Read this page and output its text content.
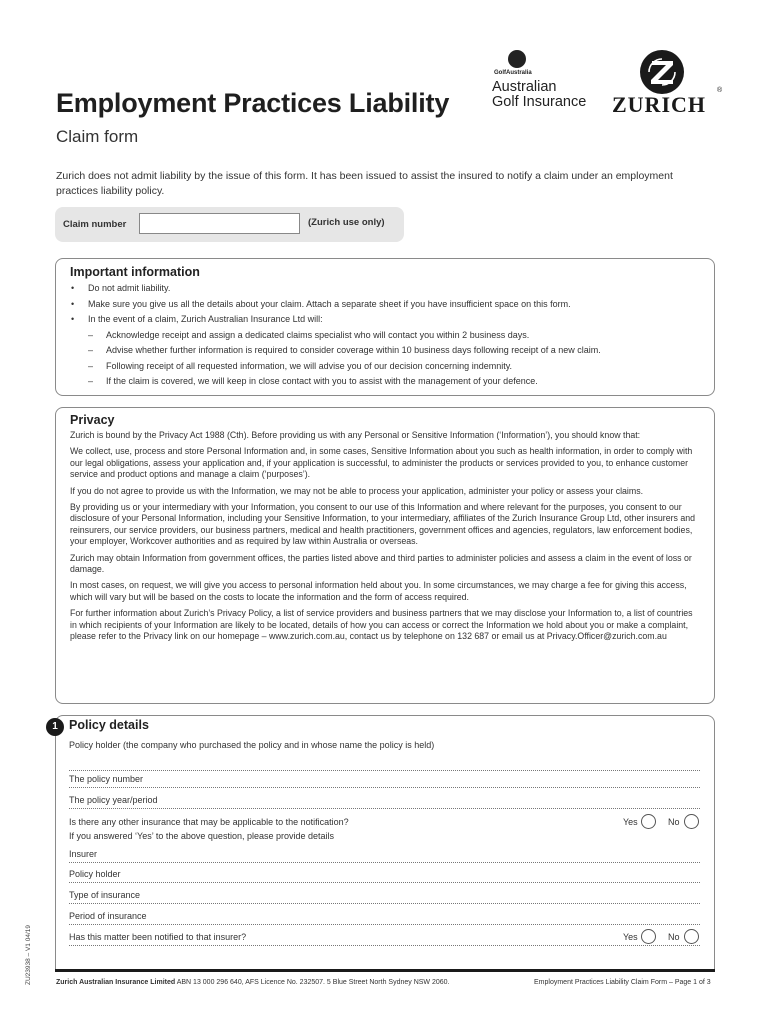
Employment Practices Liability
Claim form
GolfAustralia
Australian
Golf Insurance ZURICH
®
Zurich does not admit liability by the issue of this form. It has been issued to assist the insured to notify a claim under an employment practices liability policy.
Claim number	(Zurich use only)
Important information
• Do not admit liability.
• Make sure you give us all the details about your claim. Attach a separate sheet if you have insufficient space on this form.
• In the event of a claim, Zurich Australian Insurance Ltd will:
– Acknowledge receipt and assign a dedicated claims specialist who will contact you within 2 business days.
– Advise whether further information is required to consider coverage within 10 business days following receipt of a new claim.
– Following receipt of all requested information, we will advise you of our decision concerning indemnity.
– If the claim is covered, we will keep in close contact with you to assist with the management of your defence.
Privacy

Zurich is bound by the Privacy Act 1988 (Cth). Before providing us with any Personal or Sensitive Information (‘Information’), you should know that:

We collect, use, process and store Personal Information and, in some cases, Sensitive Information about you such as health information, in order to comply with our legal obligations, assess your application and, if your application is successful, to administer the products or services provided to you, to enhance customer service and product options and manage a claim (‘purposes’).

If you do not agree to provide us with the Information, we may not be able to process your application, administer your policy or assess your claims.

By providing us or your intermediary with your Information, you consent to our use of this Information and where relevant for the purposes, you consent to our disclosure of your Personal Information, including your Sensitive Information, to your intermediary, affiliates of the Zurich Insurance Group Ltd, other insurers and reinsurers, our service providers, our business partners, medical and health practitioners, government offices and agencies, regulators, law enforcement bodies, your employer, Workcover authorities and as required by law within Australia or overseas.

Zurich may obtain Information from government offices, the parties listed above and third parties to administer policies and assess a claim in the event of loss or damage.

In most cases, on request, we will give you access to personal information held about you. In some circumstances, we may charge a fee for giving this access, which will vary but will be based on the costs to locate the information and the form of access required.

For further information about Zurich’s Privacy Policy, a list of service providers and business partners that we may disclose your Information to, a list of countries in which recipients of your Information are likely to be located, details of how you can access or correct the Information we hold about you or make a complaint, please refer to the Privacy link on our homepage – www.zurich.com.au, contact us by telephone on 132 687 or email us at Privacy.Officer@zurich.com.au

1 Policy details
Policy holder (the company who purchased the policy and in whose name the policy is held)
The policy number
The policy year/period
Is there any other insurance that may be applicable to the notification?	Yes	No
If you answered ‘Yes’ to the above question, please provide details
Insurer
Policy holder
Type of insurance
Period of insurance
Has this matter been notified to that insurer?	Yes	No
Zurich Australian Insurance Limited ABN 13 000 296 640, AFS Licence No. 232507. 5 Blue Street North Sydney NSW 2060.	Employment Practices Liability Claim Form – Page 1 of 3
ZU23938 – V1 04/19
